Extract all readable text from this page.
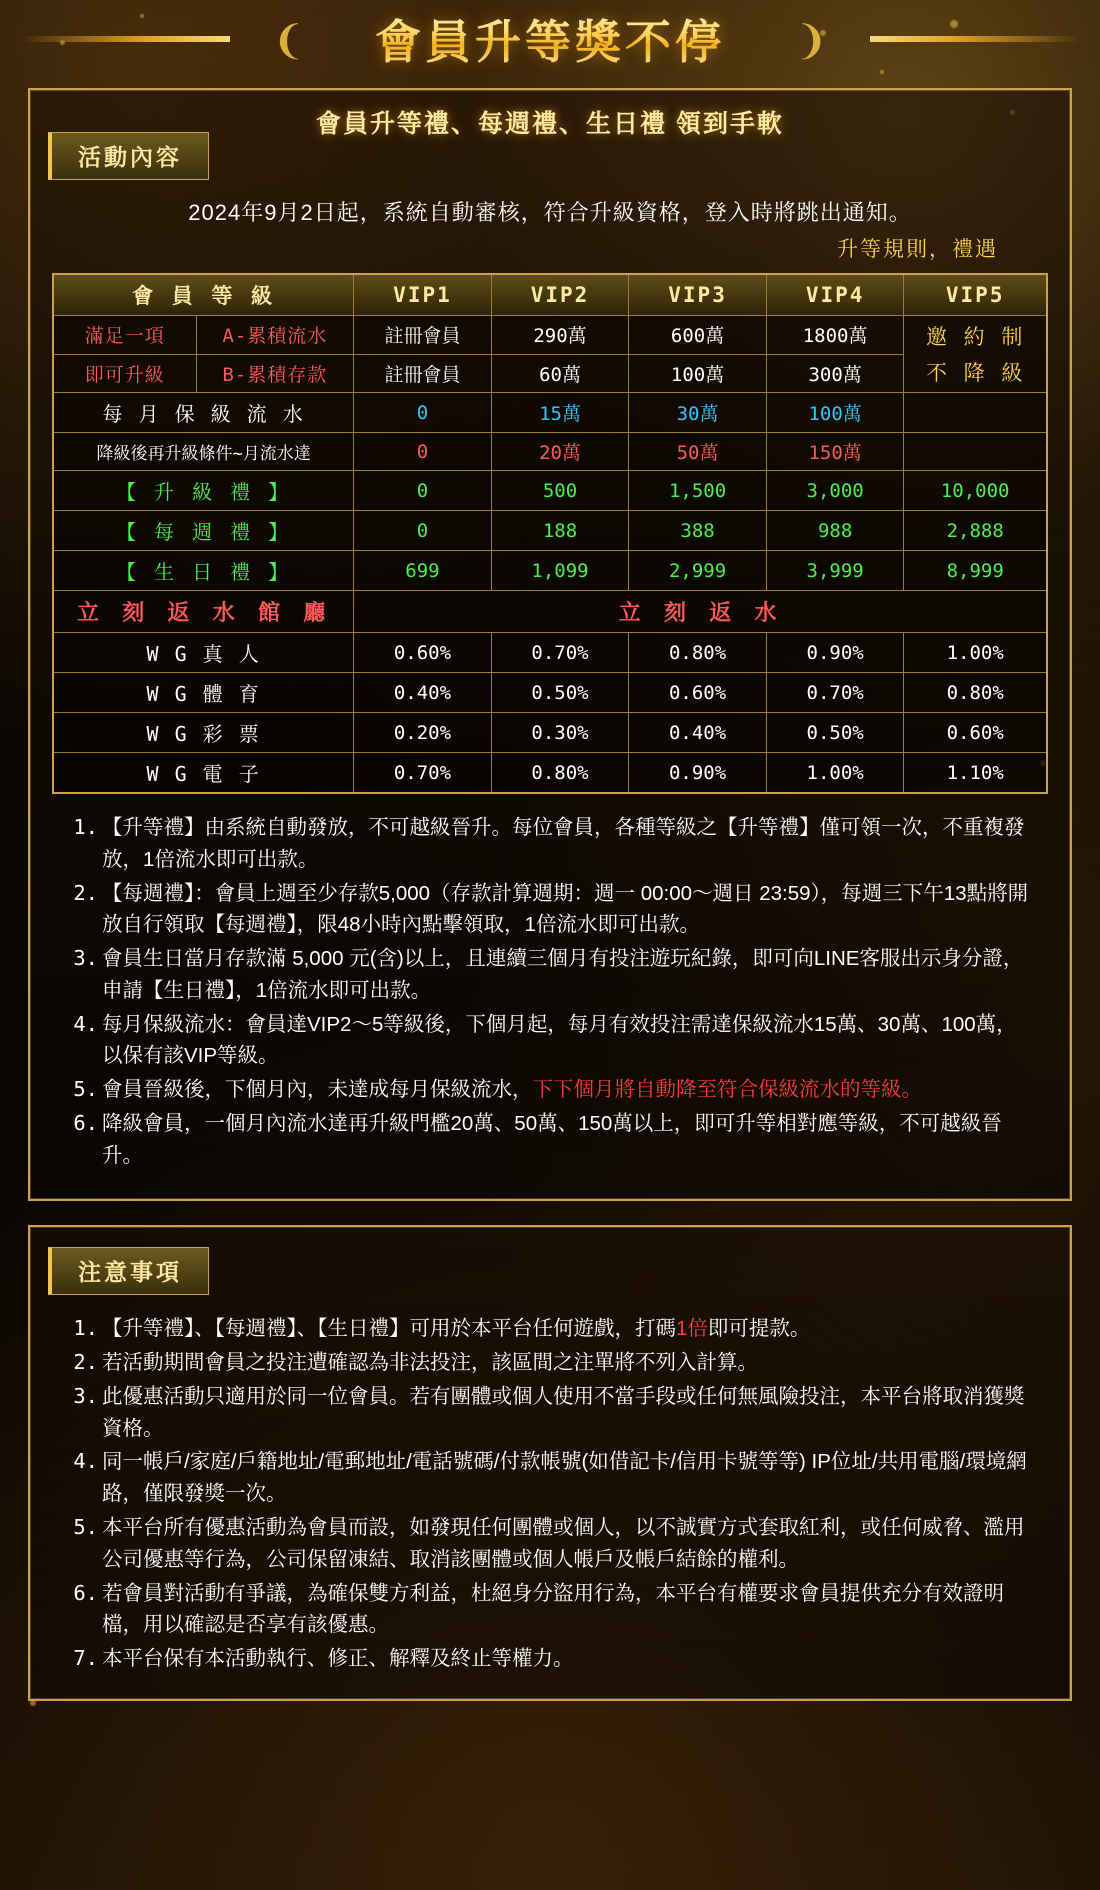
會員升等獎不停
會員升等禮、每週禮、生日禮 領到手軟
活動內容
2024年9月2日起，系統自動審核，符合升級資格，登入時將跳出通知。
升等規則，禮遇
會 員 等 級		VIP1	VIP2	VIP3	VIP4	VIP5
滿足一項	A-累積流水	註冊會員	290萬	600萬	1800萬	邀 約 制
不 降 級

即可升級	B-累積存款	註冊會員	60萬	100萬	300萬	
每 月 保 級 流 水		0	15萬	30萬	100萬	
降級後再升級條件~月流水達		0	20萬	50萬	150萬	
【 升 級 禮 】		0	500	1,500	3,000	10,000
【 每 週 禮 】		0	188	388	988	2,888
【 生 日 禮 】		699	1,099	2,999	3,999	8,999
立 刻 返 水 館 廳		立 刻 返 水				
W G 真 人		0.60%	0.70%	0.80%	0.90%	1.00%
W G 體 育		0.40%	0.50%	0.60%	0.70%	0.80%
W G 彩 票		0.20%	0.30%	0.40%	0.50%	0.60%
W G 電 子		0.70%	0.80%	0.90%	1.00%	1.10%
1. 【升等禮】由系統自動發放，不可越級晉升。每位會員，各種等級之【升等禮】僅可領一次，不重複發放，1倍流水即可出款。
2. 【每週禮】：會員上週至少存款5,000（存款計算週期：週一 00:00～週日 23:59），每週三下午13點將開放自行領取【每週禮】，限48小時內點擊領取，1倍流水即可出款。
3. 會員生日當月存款滿 5,000 元(含)以上，且連續三個月有投注遊玩紀錄，即可向LINE客服出示身分證，申請【生日禮】，1倍流水即可出款。
4. 每月保級流水：會員達VIP2～5等級後，下個月起，每月有效投注需達保級流水15萬、30萬、100萬，以保有該VIP等級。
5. 會員晉級後，下個月內，未達成每月保級流水，下下個月將自動降至符合保級流水的等級。
6. 降級會員，一個月內流水達再升級門檻20萬、50萬、150萬以上，即可升等相對應等級，不可越級晉升。
注意事項
1. 【升等禮】、【每週禮】、【生日禮】可用於本平台任何遊戲，打碼1倍即可提款。
2. 若活動期間會員之投注遭確認為非法投注，該區間之注單將不列入計算。
3. 此優惠活動只適用於同一位會員。若有團體或個人使用不當手段或任何無風險投注，本平台將取消獲獎資格。
4. 同一帳戶/家庭/戶籍地址/電郵地址/電話號碼/付款帳號(如借記卡/信用卡號等等) IP位址/共用電腦/環境網路，僅限發獎一次。
5. 本平台所有優惠活動為會員而設，如發現任何團體或個人，以不誠實方式套取紅利，或任何威脅、濫用公司優惠等行為，公司保留凍結、取消該團體或個人帳戶及帳戶結餘的權利。
6. 若會員對活動有爭議，為確保雙方利益，杜絕身分盜用行為，本平台有權要求會員提供充分有效證明檔，用以確認是否享有該優惠。
7. 本平台保有本活動執行、修正、解釋及終止等權力。
